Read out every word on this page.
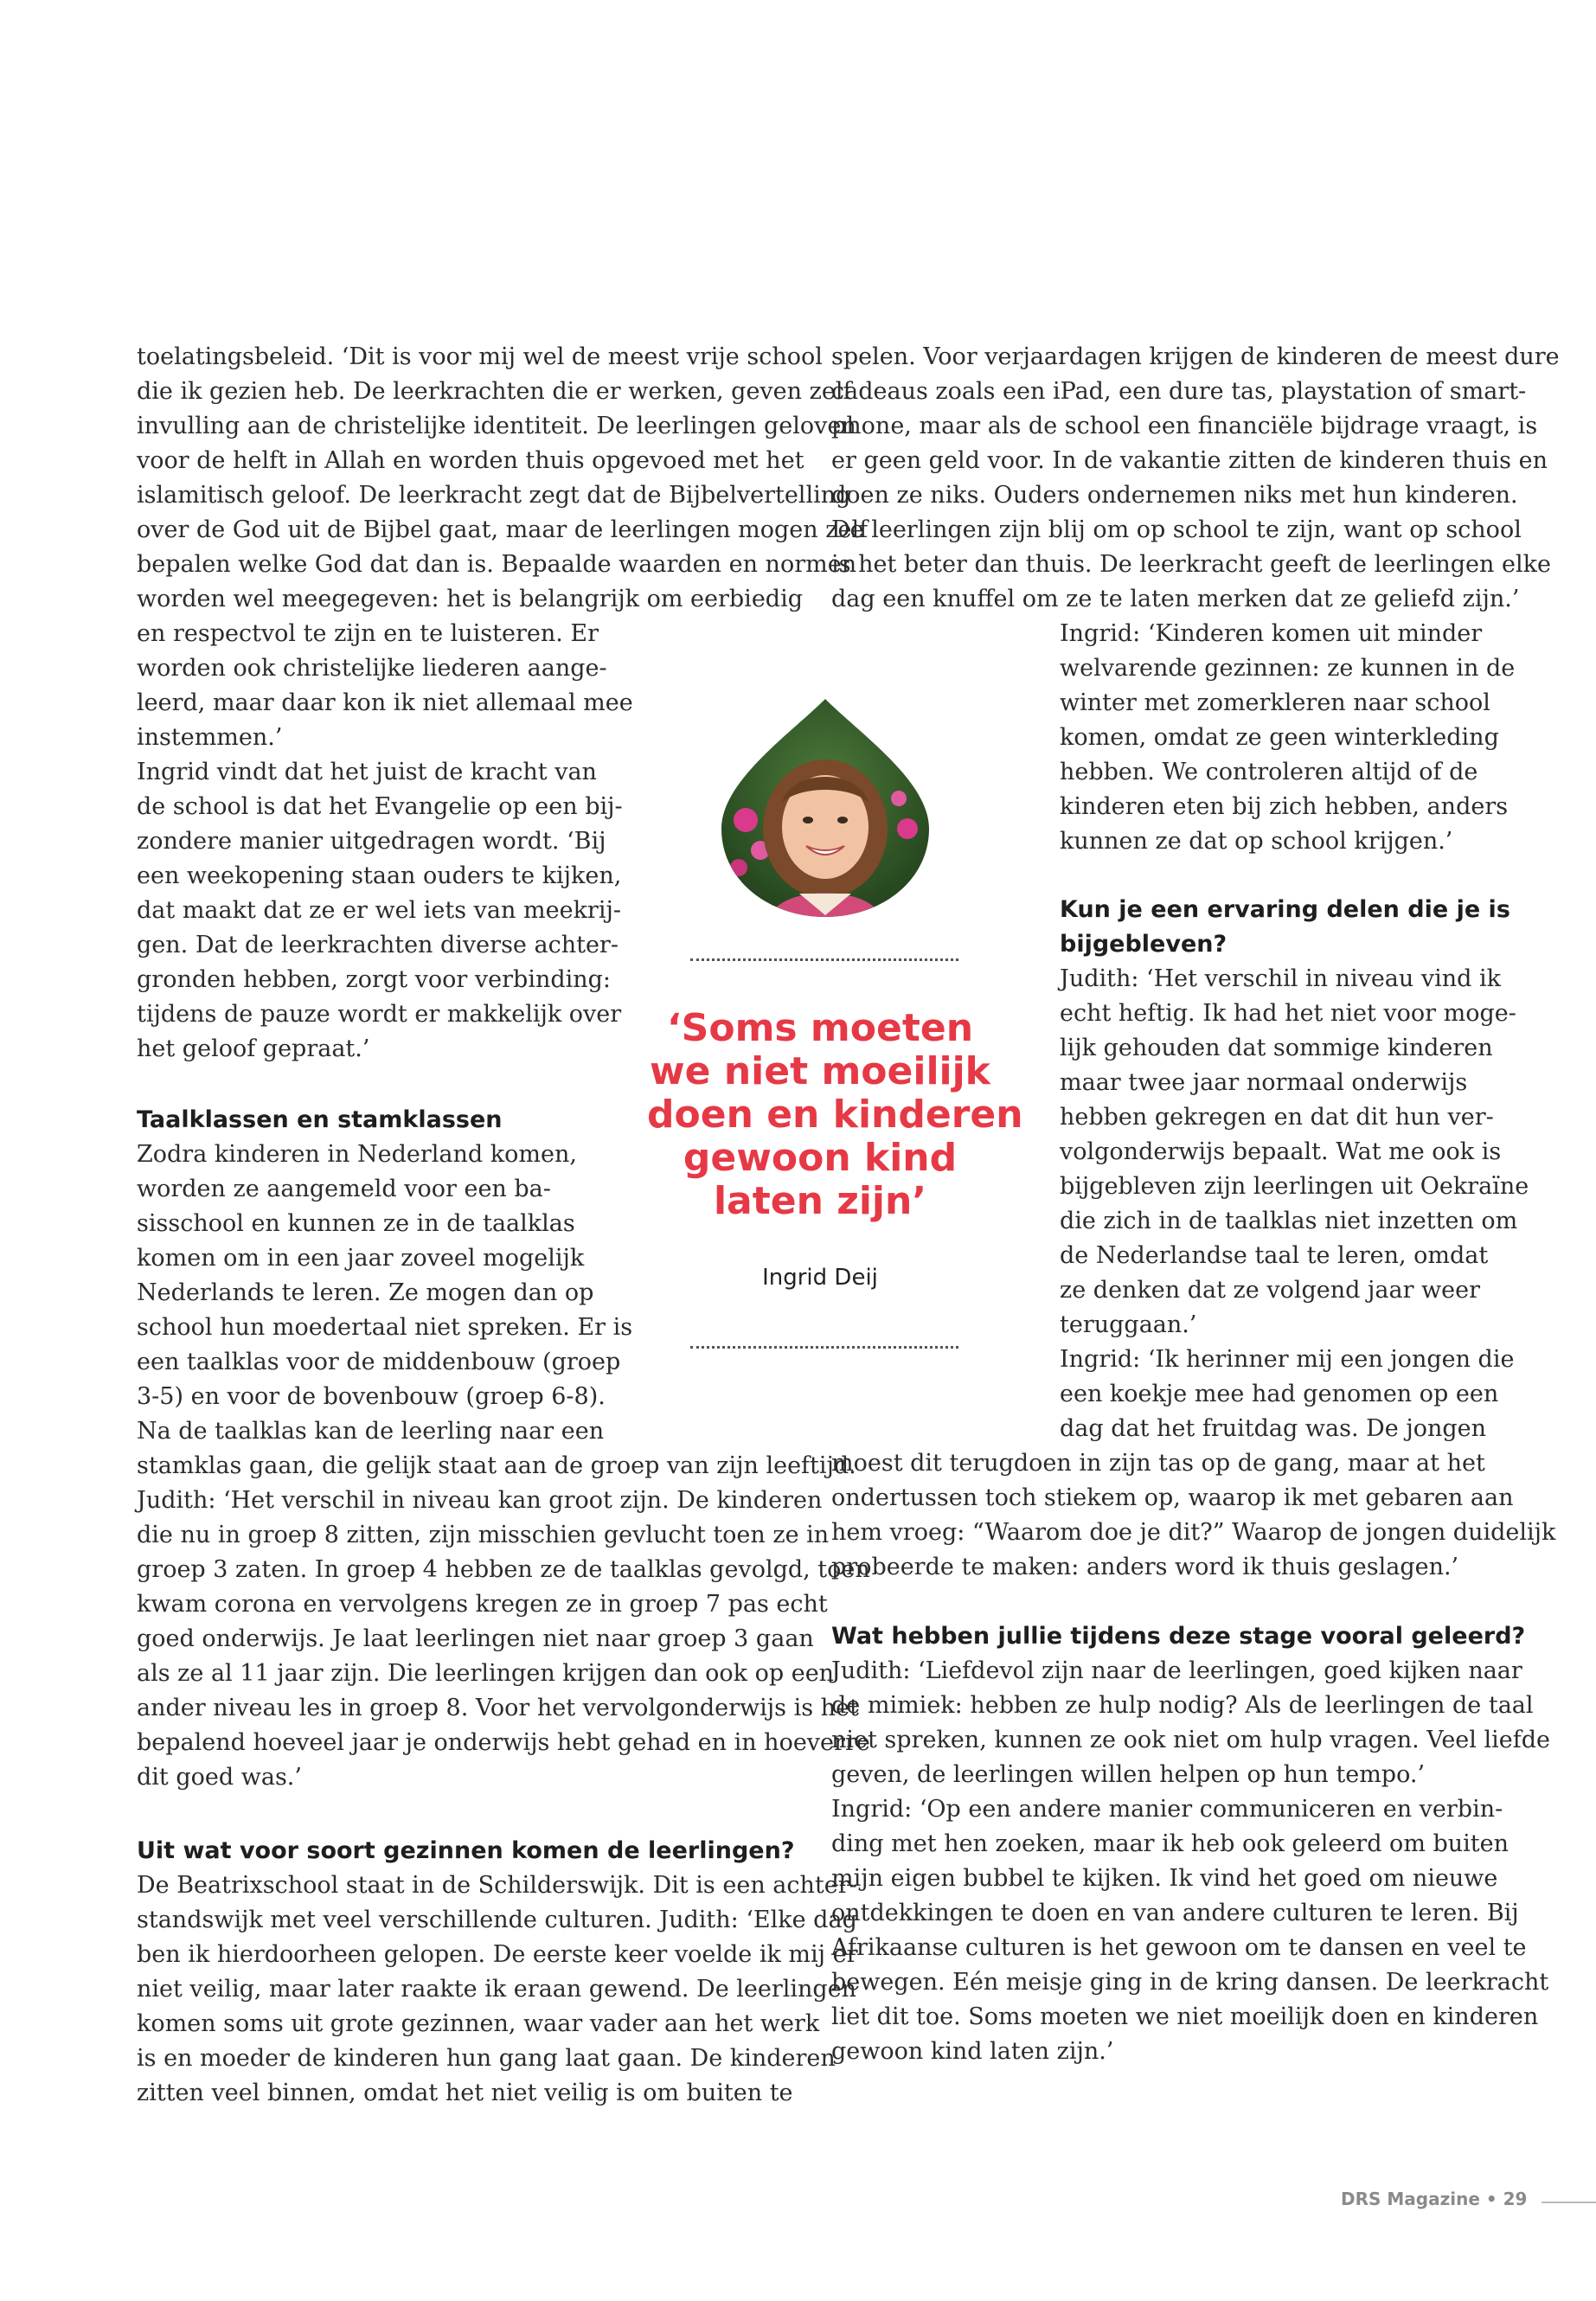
toelatingsbeleid. ‘Dit is voor mij wel de meest vrije school
die ik gezien heb. De leerkrachten die er werken, geven zelf
invulling aan de christelijke identiteit. De leerlingen geloven
voor de helft in Allah en worden thuis opgevoed met het
islamitisch geloof. De leerkracht zegt dat de Bijbelvertelling
over de God uit de Bijbel gaat, maar de leerlingen mogen zelf
bepalen welke God dat dan is. Bepaalde waarden en normen
worden wel meegegeven: het is belangrijk om eerbiedig
en respectvol te zijn en te luisteren. Er
worden ook christelijke liederen aange-
leerd, maar daar kon ik niet allemaal mee
instemmen.’
Ingrid vindt dat het juist de kracht van
de school is dat het Evangelie op een bij-
zondere manier uitgedragen wordt. ‘Bij
een weekopening staan ouders te kijken,
dat maakt dat ze er wel iets van meekrij-
gen. Dat de leerkrachten diverse achter-
gronden hebben, zorgt voor verbinding:
tijdens de pauze wordt er makkelijk over
het geloof gepraat.’
Taalklassen en stamklassen
Zodra kinderen in Nederland komen,
worden ze aangemeld voor een ba-
sisschool en kunnen ze in de taalklas
komen om in een jaar zoveel mogelijk
Nederlands te leren. Ze mogen dan op
school hun moedertaal niet spreken. Er is
een taalklas voor de middenbouw (groep
3-5) en voor de bovenbouw (groep 6-8).
Na de taalklas kan de leerling naar een
stamklas gaan, die gelijk staat aan de groep van zijn leeftijd.
Judith: ‘Het verschil in niveau kan groot zijn. De kinderen
die nu in groep 8 zitten, zijn misschien gevlucht toen ze in
groep 3 zaten. In groep 4 hebben ze de taalklas gevolgd, toen
kwam corona en vervolgens kregen ze in groep 7 pas echt
goed onderwijs. Je laat leerlingen niet naar groep 3 gaan
als ze al 11 jaar zijn. Die leerlingen krijgen dan ook op een
ander niveau les in groep 8. Voor het vervolgonderwijs is het
bepalend hoeveel jaar je onderwijs hebt gehad en in hoeverre
dit goed was.’
Uit wat voor soort gezinnen komen de leerlingen?
De Beatrixschool staat in de Schilderswijk. Dit is een achter-
standswijk met veel verschillende culturen. Judith: ‘Elke dag
ben ik hierdoorheen gelopen. De eerste keer voelde ik mij er
niet veilig, maar later raakte ik eraan gewend. De leerlingen
komen soms uit grote gezinnen, waar vader aan het werk
is en moeder de kinderen hun gang laat gaan. De kinderen
zitten veel binnen, omdat het niet veilig is om buiten te
spelen. Voor verjaardagen krijgen de kinderen de meest dure
cadeaus zoals een iPad, een dure tas, playstation of smart-
phone, maar als de school een financiële bijdrage vraagt, is
er geen geld voor. In de vakantie zitten de kinderen thuis en
doen ze niks. Ouders ondernemen niks met hun kinderen.
De leerlingen zijn blij om op school te zijn, want op school
is het beter dan thuis. De leerkracht geeft de leerlingen elke
dag een knuffel om ze te laten merken dat ze geliefd zijn.’
Ingrid: ‘Kinderen komen uit minder
welvarende gezinnen: ze kunnen in de
winter met zomerkleren naar school
komen, omdat ze geen winterkleding
hebben. We controleren altijd of de
kinderen eten bij zich hebben, anders
kunnen ze dat op school krijgen.’
Kun je een ervaring delen die je is
bijgebleven?
Judith: ‘Het verschil in niveau vind ik
echt heftig. Ik had het niet voor moge-
lijk gehouden dat sommige kinderen
maar twee jaar normaal onderwijs
hebben gekregen en dat dit hun ver-
volgonderwijs bepaalt. Wat me ook is
bijgebleven zijn leerlingen uit Oekraïne
die zich in de taalklas niet inzetten om
de Nederlandse taal te leren, omdat
ze denken dat ze volgend jaar weer
teruggaan.’
Ingrid: ‘Ik herinner mij een jongen die
een koekje mee had genomen op een
dag dat het fruitdag was. De jongen
moest dit terugdoen in zijn tas op de gang, maar at het
ondertussen toch stiekem op, waarop ik met gebaren aan
hem vroeg: “Waarom doe je dit?” Waarop de jongen duidelijk
probeerde te maken: anders word ik thuis geslagen.’
Wat hebben jullie tijdens deze stage vooral geleerd?
Judith: ‘Liefdevol zijn naar de leerlingen, goed kijken naar
de mimiek: hebben ze hulp nodig? Als de leerlingen de taal
niet spreken, kunnen ze ook niet om hulp vragen. Veel liefde
geven, de leerlingen willen helpen op hun tempo.’
Ingrid: ‘Op een andere manier communiceren en verbin-
ding met hen zoeken, maar ik heb ook geleerd om buiten
mijn eigen bubbel te kijken. Ik vind het goed om nieuwe
ontdekkingen te doen en van andere culturen te leren. Bij
Afrikaanse culturen is het gewoon om te dansen en veel te
bewegen. Eén meisje ging in de kring dansen. De leerkracht
liet dit toe. Soms moeten we niet moeilijk doen en kinderen
gewoon kind laten zijn.’
‘Soms moeten
we niet moeilijk
doen en kinderen
gewoon kind
laten zijn’
Ingrid Deij
DRS Magazine • 29
